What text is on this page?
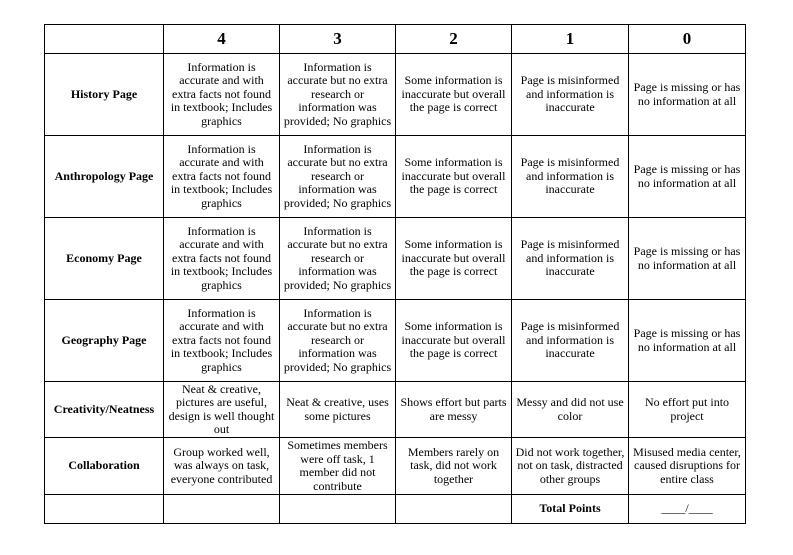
	4	3	2	1	0
History Page	Information is accurate and with extra facts not found in textbook; Includes graphics	Information is accurate but no extra research or information was provided; No graphics	Some information is inaccurate but overall the page is correct	Page is misinformed and information is inaccurate	Page is missing or has no information at all
Anthropology Page	Information is accurate and with extra facts not found in textbook; Includes graphics	Information is accurate but no extra research or information was provided; No graphics	Some information is inaccurate but overall the page is correct	Page is misinformed and information is inaccurate	Page is missing or has no information at all
Economy Page	Information is accurate and with extra facts not found in textbook; Includes graphics	Information is accurate but no extra research or information was provided; No graphics	Some information is inaccurate but overall the page is correct	Page is misinformed and information is inaccurate	Page is missing or has no information at all
Geography Page	Information is accurate and with extra facts not found in textbook; Includes graphics	Information is accurate but no extra research or information was provided; No graphics	Some information is inaccurate but overall the page is correct	Page is misinformed and information is inaccurate	Page is missing or has no information at all
Creativity/Neatness	Neat & creative, pictures are useful, design is well thought out	Neat & creative, uses some pictures	Shows effort but parts are messy	Messy and did not use color	No effort put into project
Collaboration	Group worked well, was always on task, everyone contributed	Sometimes members were off task, 1 member did not contribute	Members rarely on task, did not work together	Did not work together, not on task, distracted other groups	Misused media center, caused disruptions for entire class
				Total Points	____/____
